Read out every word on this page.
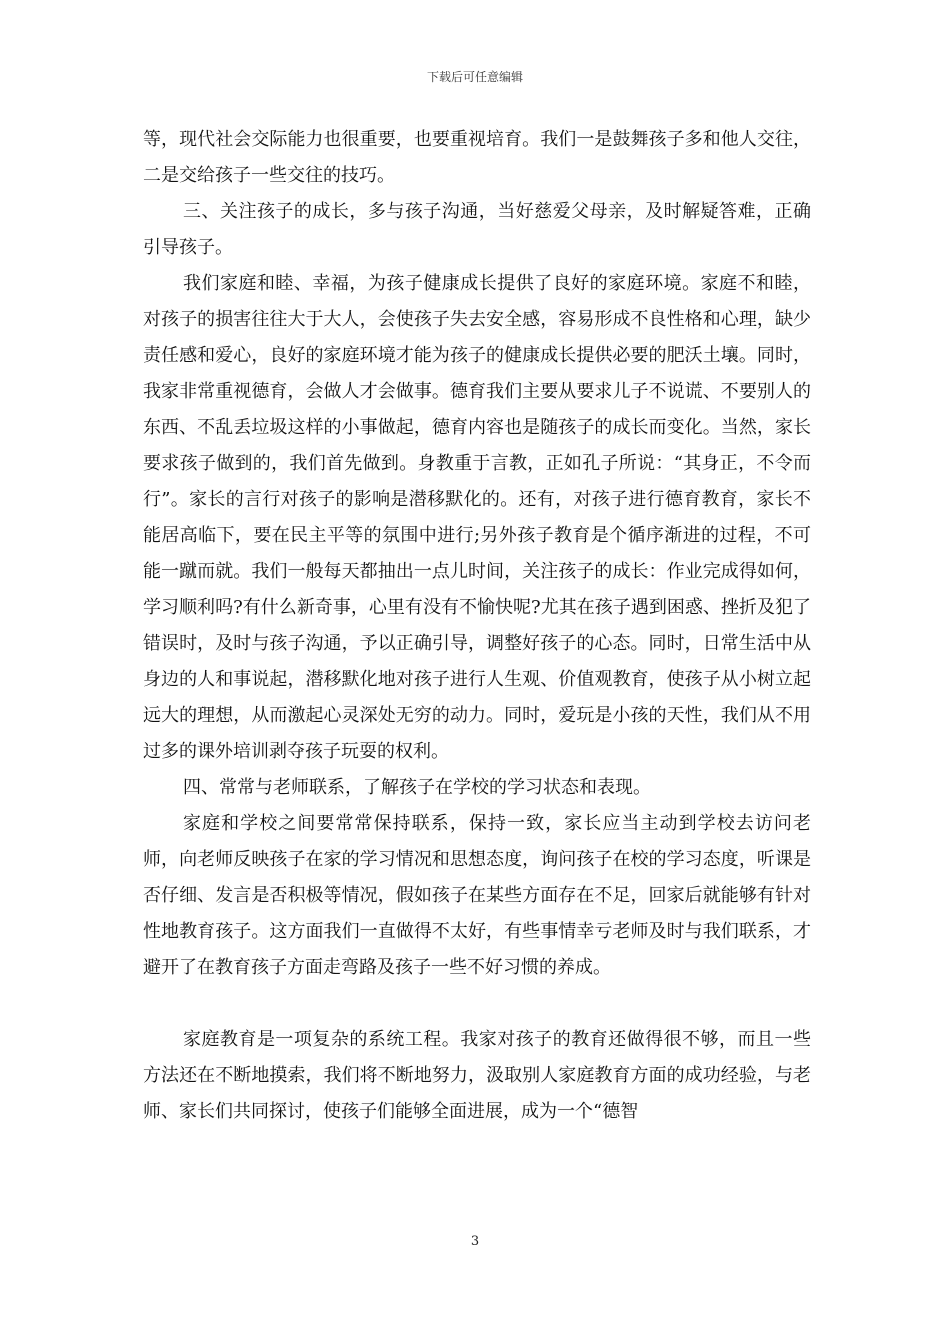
下载后可任意编辑

等，现代社会交际能力也很重要，也要重视培育。我们一是鼓舞孩子多和他人交往，二是交给孩子一些交往的技巧。

三、关注孩子的成长，多与孩子沟通，当好慈爱父母亲，及时解疑答难，正确引导孩子。

我们家庭和睦、幸福，为孩子健康成长提供了良好的家庭环境。家庭不和睦，对孩子的损害往往大于大人，会使孩子失去安全感，容易形成不良性格和心理，缺少责任感和爱心，良好的家庭环境才能为孩子的健康成长提供必要的肥沃土壤。同时，我家非常重视德育，会做人才会做事。德育我们主要从要求儿子不说谎、不要别人的东西、不乱丢垃圾这样的小事做起，德育内容也是随孩子的成长而变化。当然，家长要求孩子做到的，我们首先做到。身教重于言教，正如孔子所说：“其身正，不令而行”。家长的言行对孩子的影响是潜移默化的。还有，对孩子进行德育教育，家长不能居高临下，要在民主平等的氛围中进行;另外孩子教育是个循序渐进的过程，不可能一蹴而就。我们一般每天都抽出一点儿时间，关注孩子的成长：作业完成得如何，学习顺利吗?有什么新奇事，心里有没有不愉快呢?尤其在孩子遇到困惑、挫折及犯了错误时，及时与孩子沟通，予以正确引导，调整好孩子的心态。同时，日常生活中从身边的人和事说起，潜移默化地对孩子进行人生观、价值观教育，使孩子从小树立起远大的理想，从而激起心灵深处无穷的动力。同时，爱玩是小孩的天性，我们从不用过多的课外培训剥夺孩子玩耍的权利。

四、常常与老师联系，了解孩子在学校的学习状态和表现。

家庭和学校之间要常常保持联系，保持一致，家长应当主动到学校去访问老师，向老师反映孩子在家的学习情况和思想态度，询问孩子在校的学习态度，听课是否仔细、发言是否积极等情况，假如孩子在某些方面存在不足，回家后就能够有针对性地教育孩子。这方面我们一直做得不太好，有些事情幸亏老师及时与我们联系，才避开了在教育孩子方面走弯路及孩子一些不好习惯的养成。

家庭教育是一项复杂的系统工程。我家对孩子的教育还做得很不够，而且一些方法还在不断地摸索，我们将不断地努力，汲取别人家庭教育方面的成功经验，与老师、家长们共同探讨，使孩子们能够全面进展，成为一个“德智

3
